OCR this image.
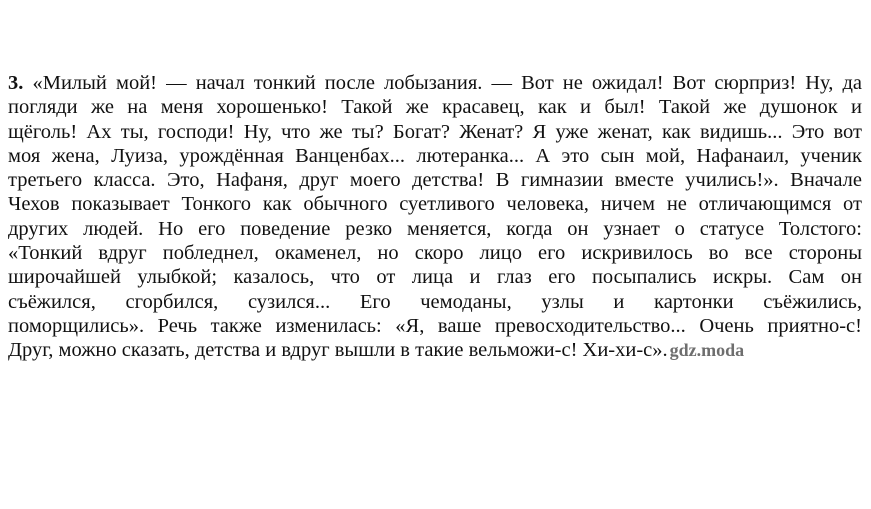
3. «Милый мой! — начал тонкий после лобызания. — Вот не ожидал! Вот сюрприз! Ну, да
погляди же на меня хорошенько! Такой же красавец, как и был! Такой же душонок и
щёголь! Ах ты, господи! Ну, что же ты? Богат? Женат? Я уже женат, как видишь... Это вот
моя жена, Луиза, урождённая Ванценбах... лютеранка... А это сын мой, Нафанаил, ученик
третьего класса. Это, Нафаня, друг моего детства! В гимназии вместе учились!». Вначале
Чехов показывает Тонкого как обычного суетливого человека, ничем не отличающимся от
других людей. Но его поведение резко меняется, когда он узнает о статусе Толстого:
«Тонкий вдруг побледнел, окаменел, но скоро лицо его искривилось во все стороны
широчайшей улыбкой; казалось, что от лица и глаз его посыпались искры. Сам он
съёжился, сгорбился, сузился... Его чемоданы, узлы и картонки съёжились,
поморщились». Речь также изменилась: «Я, ваше превосходительство... Очень приятно-с!
Друг, можно сказать, детства и вдруг вышли в такие вельможи-с! Хи-хи-с». gdz.moda
